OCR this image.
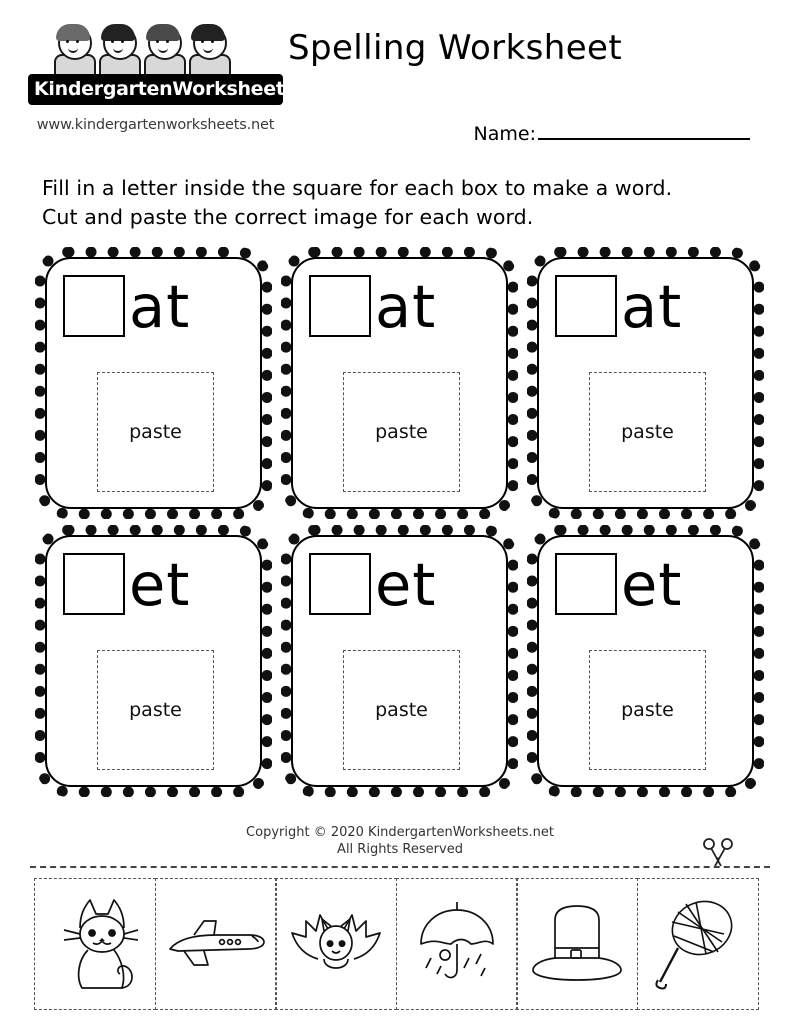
KindergartenWorksheets.net
www.kindergartenworksheets.net
Spelling Worksheet
Name:
Fill in a letter inside the square for each box to make a word.
Cut and paste the correct image for each word.
at
paste
at
paste
at
paste
et
paste
et
paste
et
paste
Copyright © 2020 KindergartenWorksheets.net
All Rights Reserved
